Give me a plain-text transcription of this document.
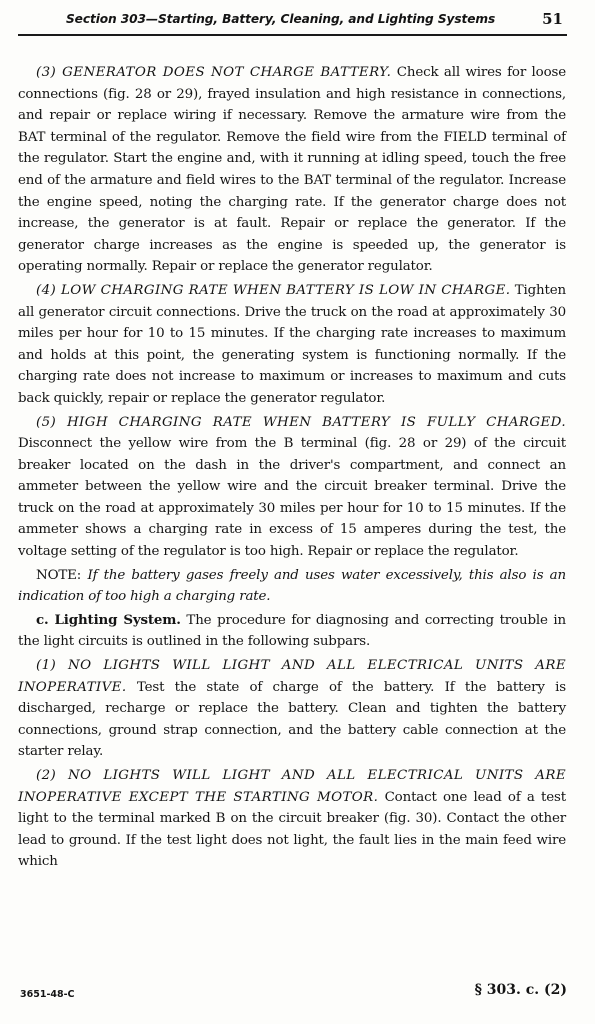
Section 303—Starting, Battery, Cleaning, and Lighting Systems	51

(3) GENERATOR DOES NOT CHARGE BATTERY. Check all wires for loose connections (fig. 28 or 29), frayed insulation and high resistance in connections, and repair or replace wiring if necessary. Remove the armature wire from the BAT terminal of the regulator. Remove the field wire from the FIELD terminal of the regulator. Start the engine and, with it running at idling speed, touch the free end of the armature and field wires to the BAT terminal of the regulator. Increase the engine speed, noting the charging rate. If the generator charge does not increase, the generator is at fault. Repair or replace the generator. If the generator charge increases as the engine is speeded up, the generator is operating normally. Repair or replace the generator regulator.

(4) LOW CHARGING RATE WHEN BATTERY IS LOW IN CHARGE. Tighten all generator circuit connections. Drive the truck on the road at approximately 30 miles per hour for 10 to 15 minutes. If the charging rate increases to maximum and holds at this point, the generating system is functioning normally. If the charging rate does not increase to maximum or increases to maximum and cuts back quickly, repair or replace the generator regulator.

(5) HIGH CHARGING RATE WHEN BATTERY IS FULLY CHARGED. Disconnect the yellow wire from the B terminal (fig. 28 or 29) of the circuit breaker located on the dash in the driver's compartment, and connect an ammeter between the yellow wire and the circuit breaker terminal. Drive the truck on the road at approximately 30 miles per hour for 10 to 15 minutes. If the ammeter shows a charging rate in excess of 15 amperes during the test, the voltage setting of the regulator is too high. Repair or replace the regulator.

NOTE: If the battery gases freely and uses water excessively, this also is an indication of too high a charging rate.

c. Lighting System. The procedure for diagnosing and correcting trouble in the light circuits is outlined in the following subpars.

(1) NO LIGHTS WILL LIGHT AND ALL ELECTRICAL UNITS ARE INOPERATIVE. Test the state of charge of the battery. If the battery is discharged, recharge or replace the battery. Clean and tighten the battery connections, ground strap connection, and the battery cable connection at the starter relay.

(2) NO LIGHTS WILL LIGHT AND ALL ELECTRICAL UNITS ARE INOPERATIVE EXCEPT THE STARTING MOTOR. Contact one lead of a test light to the terminal marked B on the circuit breaker (fig. 30). Contact the other lead to ground. If the test light does not light, the fault lies in the main feed wire which

3651-48-C	§ 303. c. (2)
